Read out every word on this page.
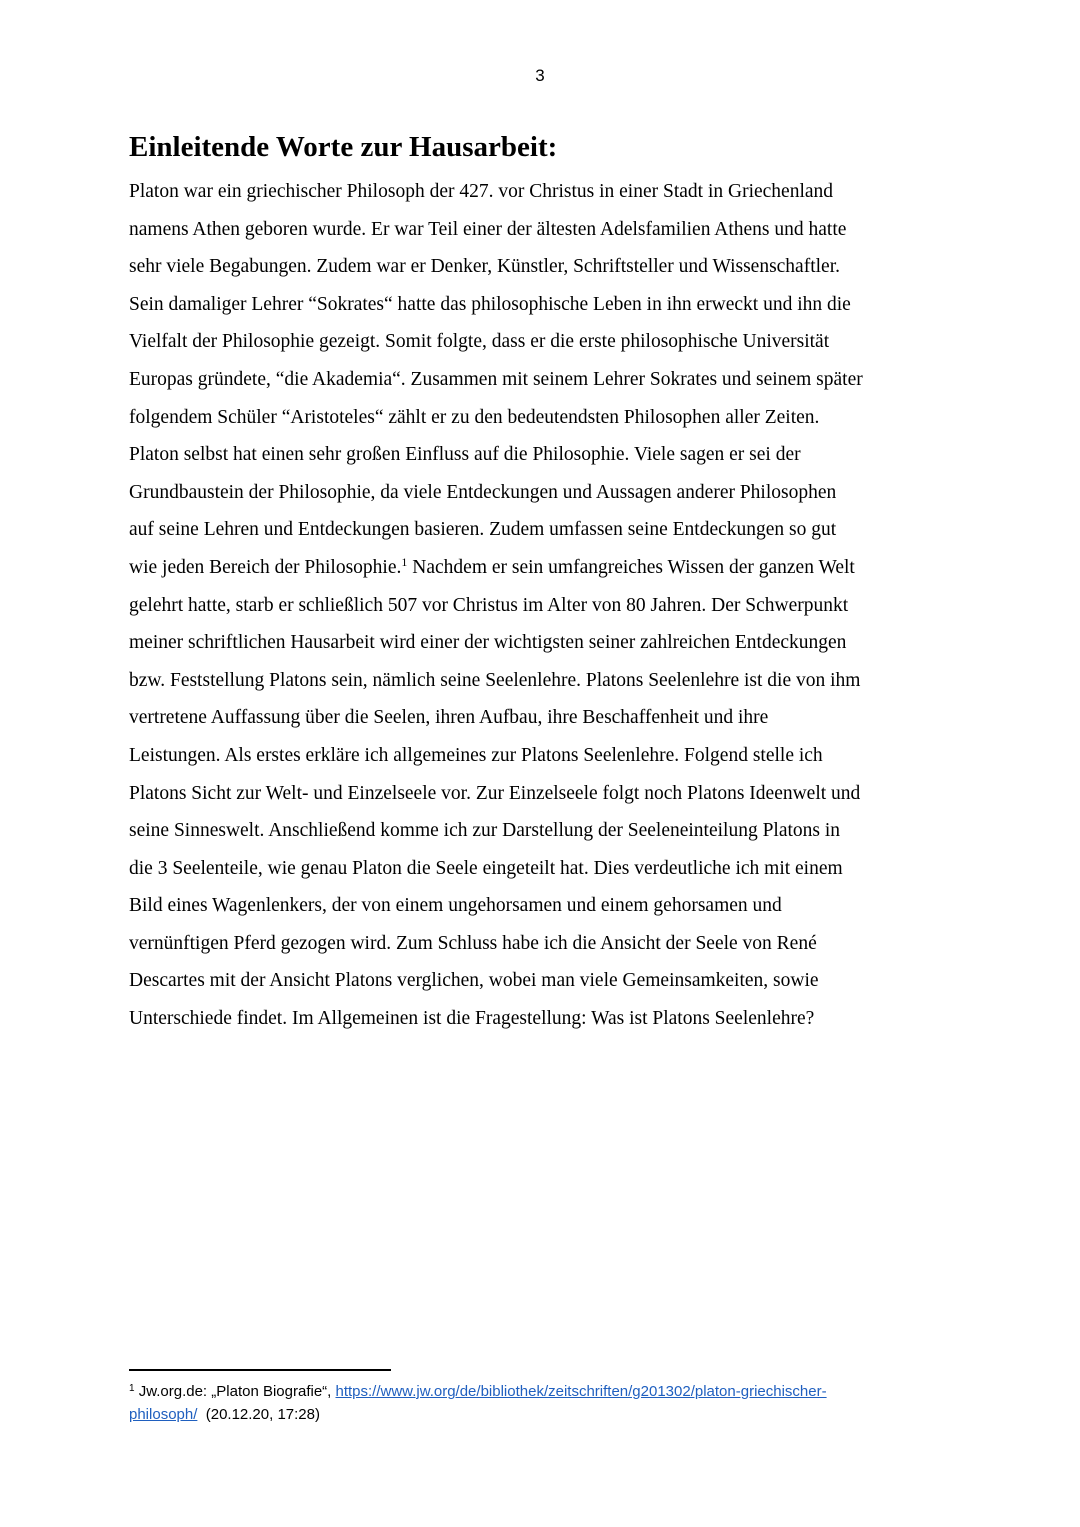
3
Einleitende Worte zur Hausarbeit:
Platon war ein griechischer Philosoph der 427. vor Christus in einer Stadt in Griechenland
namens Athen geboren wurde. Er war Teil einer der ältesten Adelsfamilien Athens und hatte
sehr viele Begabungen. Zudem war er Denker, Künstler, Schriftsteller und Wissenschaftler.
Sein damaliger Lehrer “Sokrates“ hatte das philosophische Leben in ihn erweckt und ihn die
Vielfalt der Philosophie gezeigt. Somit folgte, dass er die erste philosophische Universität
Europas gründete, “die Akademia“. Zusammen mit seinem Lehrer Sokrates und seinem später
folgendem Schüler “Aristoteles“ zählt er zu den bedeutendsten Philosophen aller Zeiten.
Platon selbst hat einen sehr großen Einfluss auf die Philosophie. Viele sagen er sei der
Grundbaustein der Philosophie, da viele Entdeckungen und Aussagen anderer Philosophen
auf seine Lehren und Entdeckungen basieren. Zudem umfassen seine Entdeckungen so gut
wie jeden Bereich der Philosophie.$^1$ Nachdem er sein umfangreiches Wissen der ganzen Welt
gelehrt hatte, starb er schließlich 507 vor Christus im Alter von 80 Jahren. Der Schwerpunkt
meiner schriftlichen Hausarbeit wird einer der wichtigsten seiner zahlreichen Entdeckungen
bzw. Feststellung Platons sein, nämlich seine Seelenlehre. Platons Seelenlehre ist die von ihm
vertretene Auffassung über die Seelen, ihren Aufbau, ihre Beschaffenheit und ihre
Leistungen. Als erstes erkläre ich allgemeines zur Platons Seelenlehre. Folgend stelle ich
Platons Sicht zur Welt- und Einzelseele vor. Zur Einzelseele folgt noch Platons Ideenwelt und
seine Sinneswelt. Anschließend komme ich zur Darstellung der Seeleneinteilung Platons in
die 3 Seelenteile, wie genau Platon die Seele eingeteilt hat. Dies verdeutliche ich mit einem
Bild eines Wagenlenkers, der von einem ungehorsamen und einem gehorsamen und
vernünftigen Pferd gezogen wird. Zum Schluss habe ich die Ansicht der Seele von René
Descartes mit der Ansicht Platons verglichen, wobei man viele Gemeinsamkeiten, sowie
Unterschiede findet. Im Allgemeinen ist die Fragestellung: Was ist Platons Seelenlehre?
$^1$ Jw.org.de: „Platon Biografie“, https://www.jw.org/de/bibliothek/zeitschriften/g201302/platon-griechischer-
philosoph/  (20.12.20, 17:28)
